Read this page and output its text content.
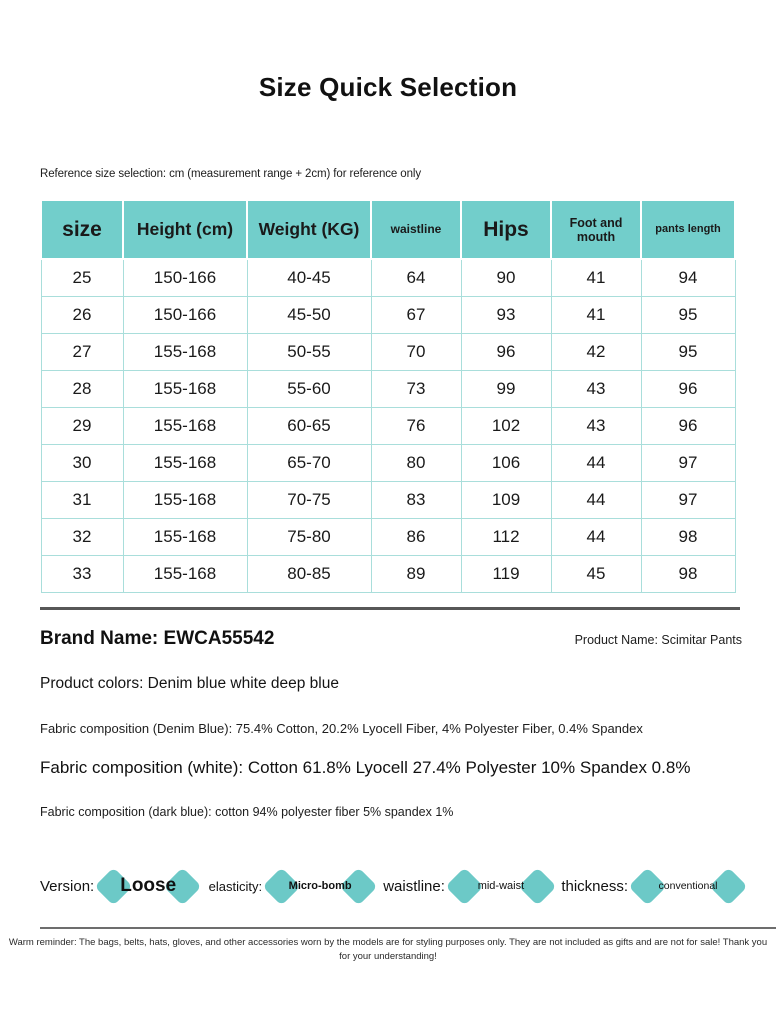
Size Quick Selection
Reference size selection: cm (measurement range + 2cm) for reference only
size	Height (cm)	Weight (KG)	waistline	Hips	Foot and mouth	pants length
25	150-166	40-45	64	90	41	94
26	150-166	45-50	67	93	41	95
27	155-168	50-55	70	96	42	95
28	155-168	55-60	73	99	43	96
29	155-168	60-65	76	102	43	96
30	155-168	65-70	80	106	44	97
31	155-168	70-75	83	109	44	97
32	155-168	75-80	86	112	44	98
33	155-168	80-85	89	119	45	98
Brand Name: EWCA55542	Product Name: Scimitar Pants
Product colors: Denim blue white deep blue
Fabric composition (Denim Blue): 75.4% Cotton, 20.2% Lyocell Fiber, 4% Polyester Fiber, 0.4% Spandex
Fabric composition (white): Cotton 61.8% Lyocell 27.4% Polyester 10% Spandex 0.8%
Fabric composition (dark blue): cotton 94% polyester fiber 5% spandex 1%
Version:	Loose	elasticity:	Micro-bomb	waistline:	mid-waist	thickness:	conventional
Warm reminder: The bags, belts, hats, gloves, and other accessories worn by the models are for styling purposes only. They are not included as gifts and are not for sale! Thank you for your understanding!
